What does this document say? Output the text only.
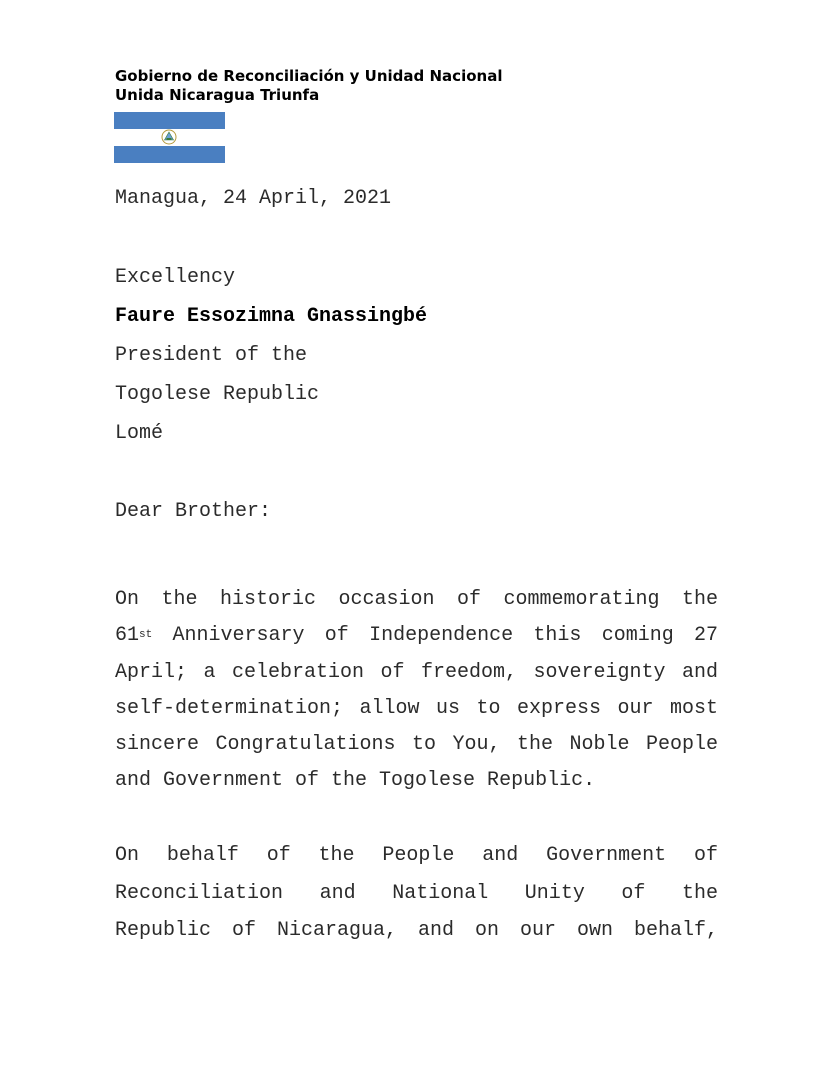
Gobierno de Reconciliación y Unidad Nacional
Unida Nicaragua Triunfa

Managua, 24 April, 2021

Excellency

Faure Essozimna Gnassingbé

President of the

Togolese Republic

Lomé

Dear Brother:

On the historic occasion of commemorating the
61st Anniversary of Independence this coming 27
April; a celebration of freedom, sovereignty and
self-determination; allow us to express our most
sincere Congratulations to You, the Noble People
and Government of the Togolese Republic.
On behalf of the People and Government of
Reconciliation and National Unity of the
Republic of Nicaragua, and on our own behalf,
